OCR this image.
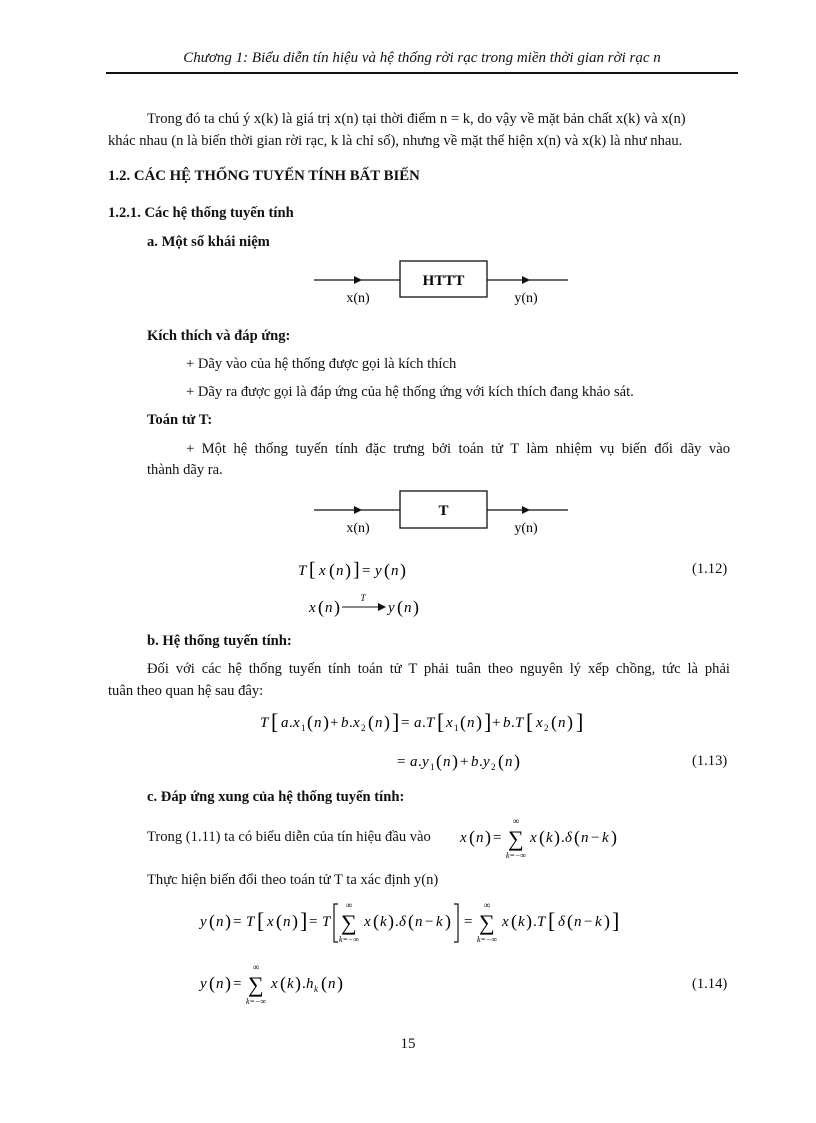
Chương 1: Biểu diễn tín hiệu và hệ thống rời rạc trong miền thời gian rời rạc n
Trong đó ta chú ý x(k) là giá trị x(n) tại thời điểm n = k, do vậy về mặt bản chất x(k) và x(n)
khác nhau (n là biến thời gian rời rạc, k là chỉ số), nhưng về mặt thể hiện x(n) và x(k) là như nhau.
1.2. CÁC HỆ THỐNG TUYẾN TÍNH BẤT BIẾN
1.2.1. Các hệ thống tuyến tính
a. Một số khái niệm
HTTT
x(n)	y(n)
Kích thích và đáp ứng:
+ Dãy vào của hệ thống được gọi là kích thích
+ Dãy ra được gọi là đáp ứng của hệ thống ứng với kích thích đang khảo sát.
Toán tử T:
+ Một hệ thống tuyến tính đặc trưng bởi toán tử T làm nhiệm vụ biến đổi dãy vào
thành dãy ra.
T
x(n)	y(n)
T [ x ( n ) ] = y ( n )	(1.12)
x ( n ) T
y ( n )
b. Hệ thống tuyến tính:
Đối với các hệ thống tuyến tính toán tử T phải tuân theo nguyên lý xếp chồng, tức là phải
tuân theo quan hệ sau đây:
T [ a . x 1 ( n ) + b . x 2 ( n ) ] = a . T [ x 1 ( n ) ] + b . T [ x 2 ( n ) ]
= a . y 1 ( n ) + b . y 2 ( n )	(1.13)
c. Đáp ứng xung của hệ thống tuyến tính:
Trong (1.11) ta có biểu diễn của tín hiệu đầu vào x ( n ) = ∑
∞
k=−∞
x ( k ) . δ ( n − k )
Thực hiện biến đổi theo toán tử T ta xác định y(n)
y ( n ) = T [ x ( n ) ] = T ∑
∞
k=−∞
x ( k ) . δ ( n − k ) = ∑
∞
k=−∞
x ( k ) . T [ δ ( n − k ) ]
y ( n ) = ∑
∞
k=−∞
x ( k ) . h k ( n )	(1.14)
15
